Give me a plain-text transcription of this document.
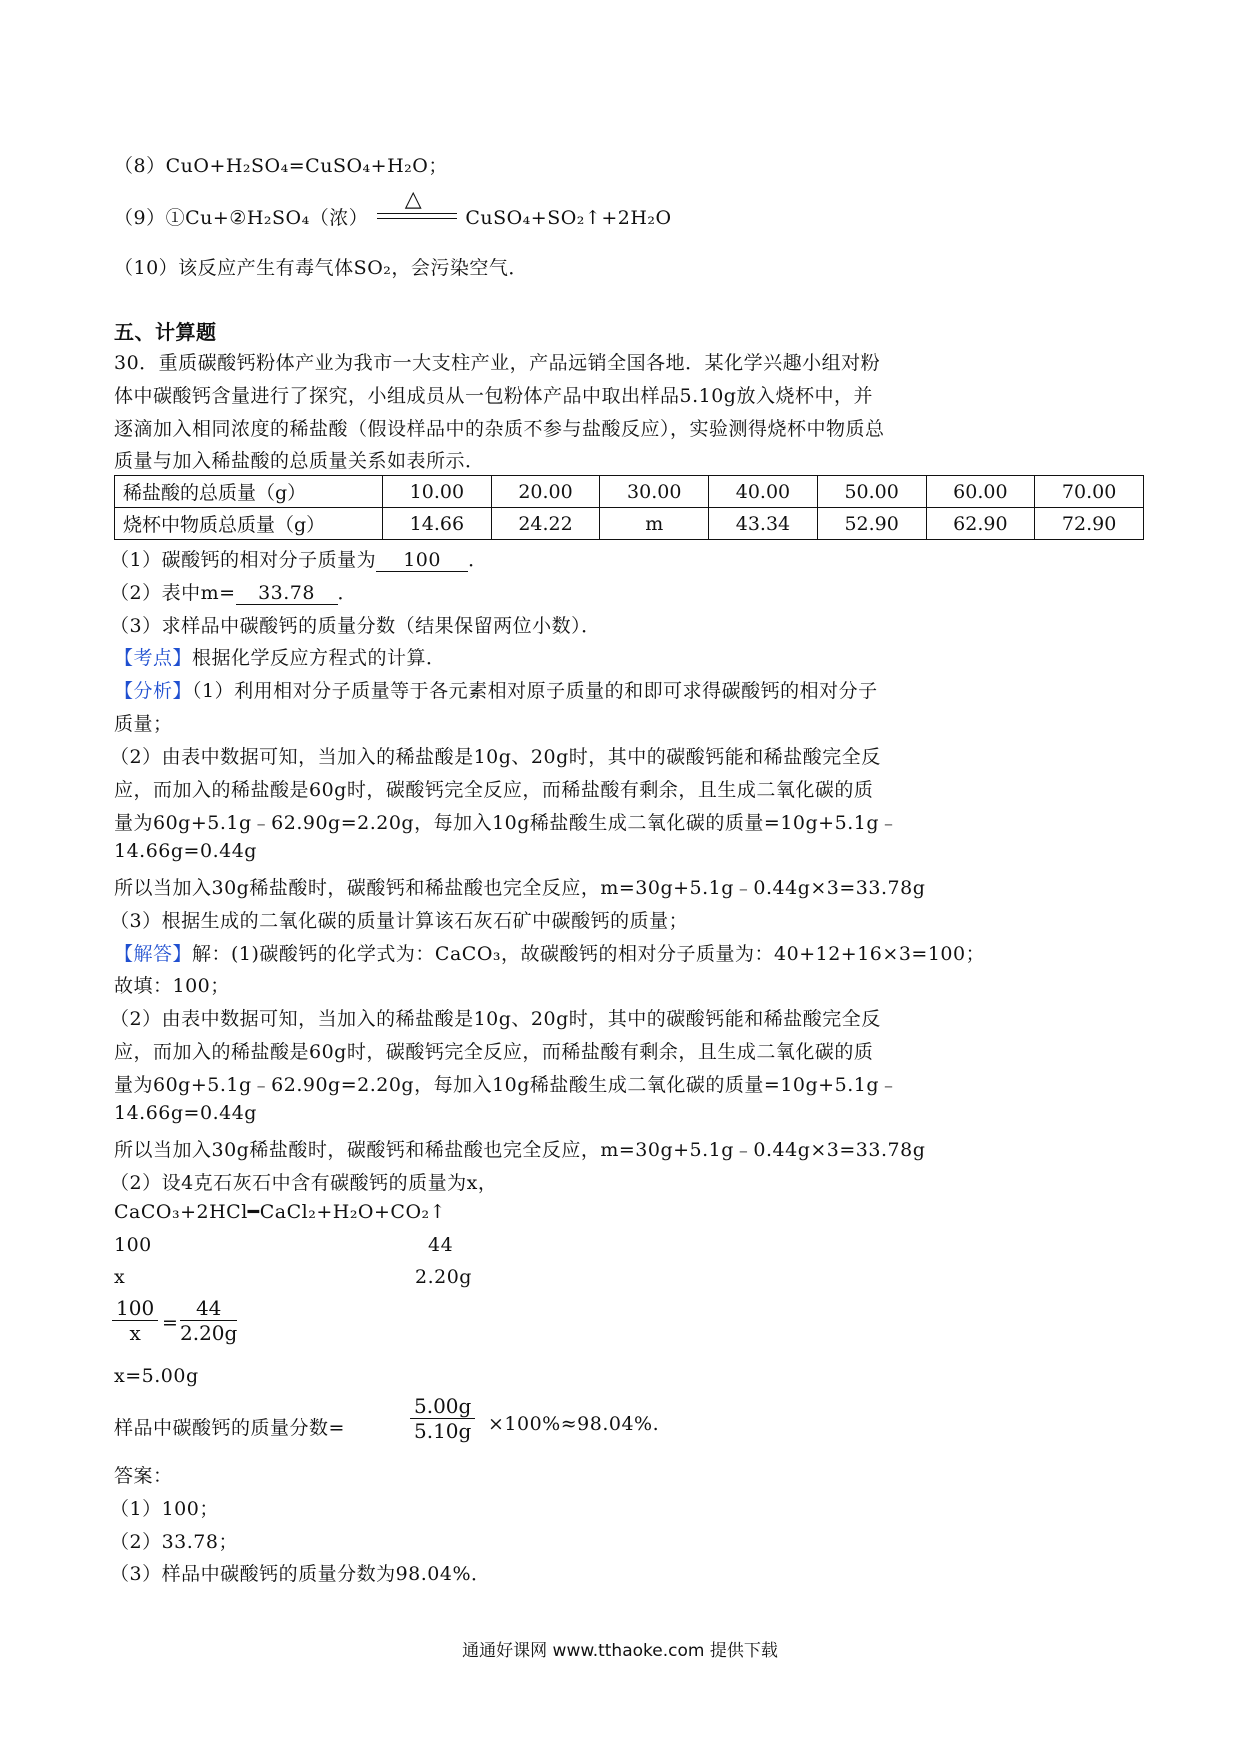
（8）CuO+H₂SO₄=CuSO₄+H₂O；
（9）①Cu+②H₂SO₄（浓）
△
CuSO₄+SO₂↑+2H₂O
（10）该反应产生有毒气体SO₂，会污染空气．
五、计算题
30．重质碳酸钙粉体产业为我市一大支柱产业，产品远销全国各地．某化学兴趣小组对粉
体中碳酸钙含量进行了探究，小组成员从一包粉体产品中取出样品5.10g放入烧杯中，并
逐滴加入相同浓度的稀盐酸（假设样品中的杂质不参与盐酸反应），实验测得烧杯中物质总
质量与加入稀盐酸的总质量关系如表所示．
稀盐酸的总质量（g）	10.00	20.00	30.00	40.00	50.00	60.00	70.00
烧杯中物质总质量（g）	14.66	24.22	m	43.34	52.90	62.90	72.90
（1）碳酸钙的相对分子质量为 100 ．
（2）表中m= 33.78 ．
（3）求样品中碳酸钙的质量分数（结果保留两位小数）．
【考点】根据化学反应方程式的计算．
【分析】（1）利用相对分子质量等于各元素相对原子质量的和即可求得碳酸钙的相对分子
质量；
（2）由表中数据可知，当加入的稀盐酸是10g、20g时，其中的碳酸钙能和稀盐酸完全反
应，而加入的稀盐酸是60g时，碳酸钙完全反应，而稀盐酸有剩余，且生成二氧化碳的质
量为60g+5.1g﹣62.90g=2.20g，每加入10g稀盐酸生成二氧化碳的质量=10g+5.1g﹣
14.66g=0.44g
所以当加入30g稀盐酸时，碳酸钙和稀盐酸也完全反应，m=30g+5.1g﹣0.44g×3=33.78g
（3）根据生成的二氧化碳的质量计算该石灰石矿中碳酸钙的质量；
【解答】解：(1)碳酸钙的化学式为：CaCO₃，故碳酸钙的相对分子质量为：40+12+16×3=100；
故填：100；
（2）由表中数据可知，当加入的稀盐酸是10g、20g时，其中的碳酸钙能和稀盐酸完全反
应，而加入的稀盐酸是60g时，碳酸钙完全反应，而稀盐酸有剩余，且生成二氧化碳的质
量为60g+5.1g﹣62.90g=2.20g，每加入10g稀盐酸生成二氧化碳的质量=10g+5.1g﹣
14.66g=0.44g
所以当加入30g稀盐酸时，碳酸钙和稀盐酸也完全反应，m=30g+5.1g﹣0.44g×3=33.78g
（2）设4克石灰石中含有碳酸钙的质量为x，
CaCO₃+2HCl━CaCl₂+H₂O+CO₂↑
100	44
x	2.20g
$\frac{100}{x} = \frac{44}{2.20g}$
x=5.00g
样品中碳酸钙的质量分数=	$\frac{5.00g}{5.10g} \times 100\%\approx 98.04\%$.
答案：
（1）100；
（2）33.78；
（3）样品中碳酸钙的质量分数为98.04%．
通通好课网 www.tthaoke.com 提供下载
